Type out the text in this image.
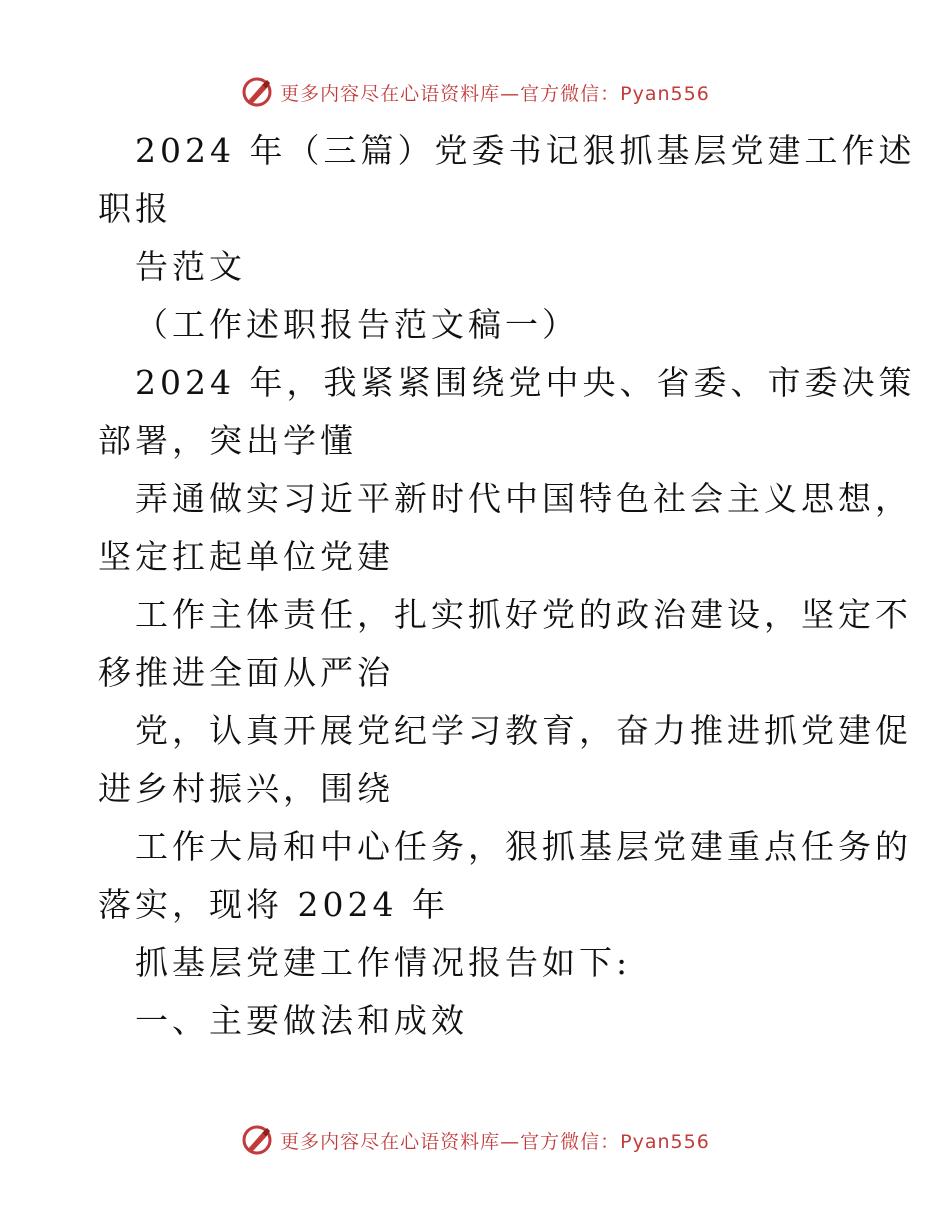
更多内容尽在心语资料库—官方微信：Pyan556
2024 年（三篇）党委书记狠抓基层党建工作述
职报
告范文
（工作述职报告范文稿一）
2024 年，我紧紧围绕党中央、省委、市委决策
部署，突出学懂
弄通做实习近平新时代中国特色社会主义思想，
坚定扛起单位党建
工作主体责任，扎实抓好党的政治建设，坚定不
移推进全面从严治
党，认真开展党纪学习教育，奋力推进抓党建促
进乡村振兴，围绕
工作大局和中心任务，狠抓基层党建重点任务的
落实，现将 2024 年
抓基层党建工作情况报告如下:
一、主要做法和成效
更多内容尽在心语资料库—官方微信：Pyan556
